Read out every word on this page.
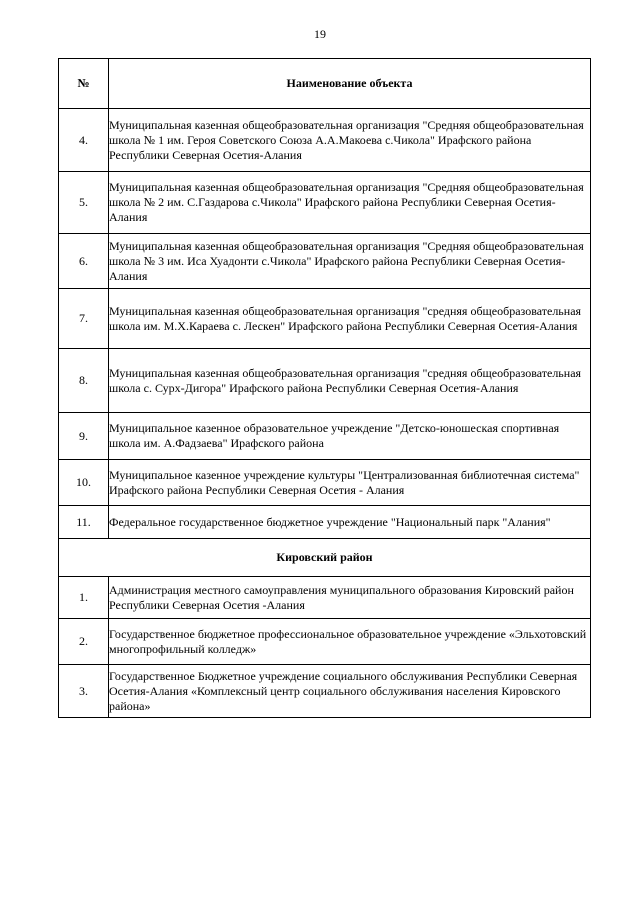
19
№	Наименование объекта
4.	Муниципальная казенная общеобразовательная организация "Средняя общеобразовательная школа № 1 им. Героя Советского Союза А.А.Макоева с.Чикола" Ирафского района Республики Северная Осетия-Алания

5.	Муниципальная казенная общеобразовательная организация "Средняя общеобразовательная школа № 2 им. С.Газдарова с.Чикола" Ирафского района Республики Северная Осетия-Алания

6.	Муниципальная казенная общеобразовательная организация "Средняя общеобразовательная школа № 3 им. Иса Хуадонти с.Чикола" Ирафского района Республики Северная Осетия-Алания

7.	Муниципальная казенная общеобразовательная организация "средняя общеобразовательная школа им. М.Х.Караева с. Лескен" Ирафского района Республики Северная Осетия-Алания

8.	Муниципальная казенная общеобразовательная организация "средняя общеобразовательная школа с. Сурх-Дигора" Ирафского района Республики Северная Осетия-Алания

9.	Муниципальное казенное образовательное учреждение "Детско-юношеская спортивная школа им. А.Фадзаева" Ирафского района

10.	Муниципальное казенное учреждение культуры "Централизованная библиотечная система" Ирафского района Республики Северная Осетия - Алания

11.	Федеральное государственное бюджетное учреждение "Национальный парк "Алания"

Кировский район	
1.	Администрация местного самоуправления муниципального образования Кировский район Республики Северная Осетия -Алания

2.	Государственное бюджетное профессиональное образовательное учреждение «Эльхотовский многопрофильный колледж»

3.	Государственное Бюджетное учреждение социального обслуживания Республики Северная Осетия-Алания «Комплексный центр социального обслуживания населения Кировского района»
